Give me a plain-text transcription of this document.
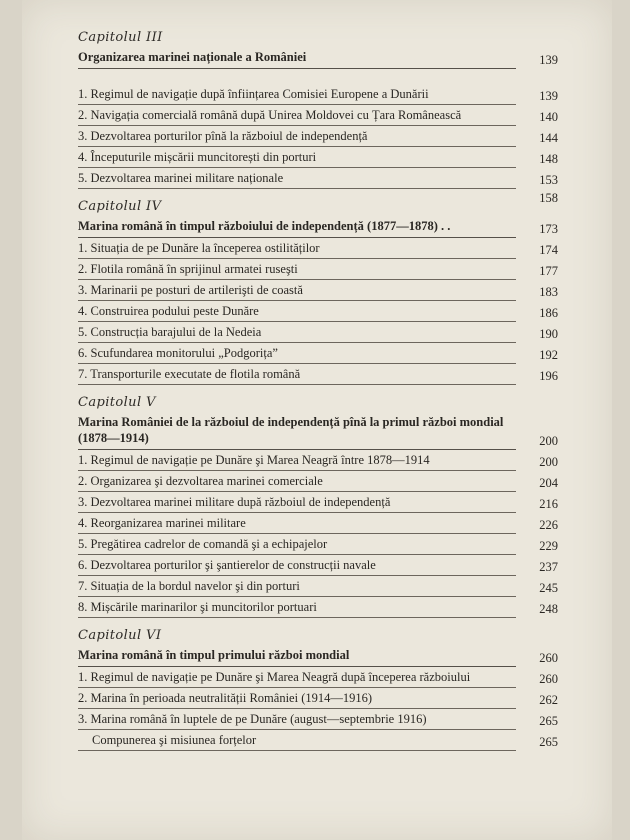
Capitolul III
Organizarea marinei naționale a României
1. Regimul de navigație după înființarea Comisiei Europene a Dunării
2. Navigația comercială română după Unirea Moldovei cu Țara Românească
3. Dezvoltarea porturilor pînă la războiul de independență
4. Începuturile mișcării muncitorești din porturi
5. Dezvoltarea marinei militare naționale
Capitolul IV
Marina română în timpul războiului de independență (1877—1878) . .
1. Situația de pe Dunăre la începerea ostilităților
2. Flotila română în sprijinul armatei ruseşti
3. Marinarii pe posturi de artilerişti de coastă
4. Construirea podului peste Dunăre
5. Construcția barajului de la Nedeia
6. Scufundarea monitorului „Podgorița”
7. Transporturile executate de flotila română
Capitolul V
Marina României de la războiul de independență pînă la primul război mondial (1878—1914)
1. Regimul de navigație pe Dunăre şi Marea Neagră între 1878—1914
2. Organizarea şi dezvoltarea marinei comerciale
3. Dezvoltarea marinei militare după războiul de independență
4. Reorganizarea marinei militare
5. Pregătirea cadrelor de comandă şi a echipajelor
6. Dezvoltarea porturilor şi şantierelor de construcții navale
7. Situația de la bordul navelor şi din porturi
8. Mișcările marinarilor şi muncitorilor portuari
Capitolul VI
Marina română în timpul primului război mondial
1. Regimul de navigație pe Dunăre şi Marea Neagră după începerea războiului
2. Marina în perioada neutralității României (1914—1916)
3. Marina română în luptele de pe Dunăre (august—septembrie 1916)
Compunerea şi misiunea forțelor
139
139
140
144
148
153
173
174
177
183
186
190
192
196
200
200
204
216
226
229
237
245
248
260
260
262
265
265
158
